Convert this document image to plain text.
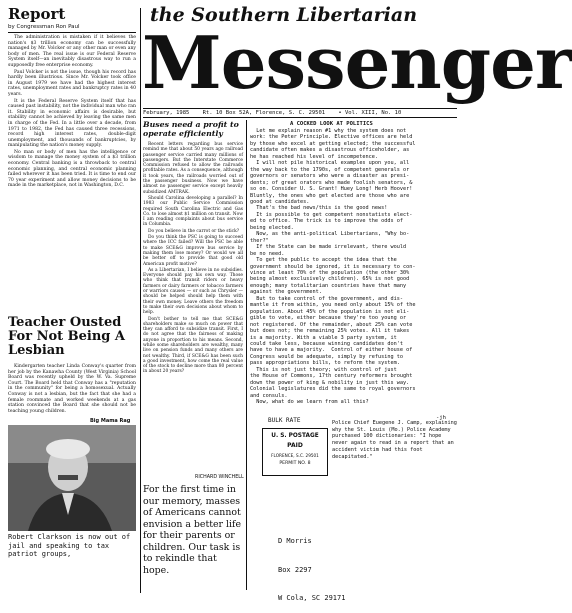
Report
by Congressman Ron Paul

The administration is mistaken if it believes the nation's $3 trillion economy can be successfully managed by Mr. Volcker or any other man or even any body of men. The real issue is our Federal Reserve System itself—an inevitably disastrous way to run a supposedly free enterprise economy.

Paul Volcker is not the issue, though his record has hardly been illustrious. Since Mr. Volcker took office in August 1979 we have had the highest interest rates, unemployment rates and bankruptcy rates in 40 years.

It is the Federal Reserve System itself that has caused past instability, not the individual man who ran it. Stability in economic affairs is desirable, but stability cannot be achieved by leaving the same men in charge of the Fed. In a little over a decade, from 1971 to 1982, the Fed has caused three recessions, record high interest rates, double-digit unemployment, and thousands of bankruptcies, by manipulating the nation's money supply.

No man or body of men has the intelligence or wisdom to manage the money system of a $3 trillion economy. Central banking is a throwback to central economic planning, and central economic planning failed wherever it has been tried. It is time to end our 70 year experiment and allow money decisions to be made in the marketplace, not in Washington, D.C.

Teacher Ousted For Not Being A Lesbian

Kindergarten teacher Linda Conway's quarter from her job by the Kanawha County (West Virginia) School Board was recently upheld by the W. Va. Supreme Court. The Board held that Conway has a "reputation in the community" for being a homosexual. Actually Conway is not a lesbian, but the fact that she had a female roommate and worked weekends at a gas station convinced the Board that she should not be teaching young children.

Big Mama Rag
Robert Clarkson is now out of jail and speaking to tax patriot groups,
the Southern Libertarian
Messenger
February, 1985    Rt. 10 Box 52A, Florence, S. C. 29501    • Vol. XIII, No. 10
Buses need a profit to operate efficiently

Recent letters regarding bus service remind me that about 50 years ago railroad passenger service carried many millions of passengers. But the Interstate Commerce Commission refused to allow the railroads profitable rates. As a consequence, although it took years, the railroads worried out of the passenger business. Now we have almost no passenger service except heavily subsidized AMTRAK.

Should Carolina developing a parallel? In 1983 our Public Service Commission required South Carolina Electric and Gas Co. to lose almost $1 million on transit. Now I am reading complaints about bus service in Columbia.

Do you believe in the carrot or the stick?

Do you think the PSC is going to succeed where the ICC failed? Will the PSC be able to make SCE&G improve bus service by making them lose money? Or would we all be better off to provide that good old American profit motive?

As a Libertarian, I believe in no subsidies. Everyone should pay his own way. Those who think that transit riders or heavy farmers or dairy farmers or tobacco farmers or warriors causes — or such as Chrysler — should be helped should help them with their own money. Leave others the freedom to make their own decisions about whom to help.

Don't bother to tell me that SCE&G shareholders make so much on power that they can afford to subsidize transit. First, I do not agree that the fairness of making anyone in proportion to his means. Second, while some shareholders are wealthy, many live on pension funds and many others are not wealthy. Third, if SCE&G has been such a good investment, how come the real value of the stock to decline more than 80 percent in about 20 years?

RICHARD WINCHELL
For the first time in our memory, masses of Americans cannot envision a better life for their parents or children. Our task is to rekindle that hope.
A COCKED LOOK AT POLITICS
Let me explain reason #1 why the system does not
work: the Peter Principle. Elective offices are held
by those who excel at getting elected; the successful
candidate often makes a disastrous officeholder, as
he has reached his level of incompetence.
I will not pile historical examples upon you, all
the way back to the 1790s, of competent generals or
governors or senators who were a disaster as presi-
dents; of great orators who made foolish senators, &
so on. Consider U. S. Grant! Huey Long! Herb Hoover!
Bluntly, the ones who get elected are those who are
good at candidates.
That's the bad news/this is the good news!
It is possible to get competent nonstatists elect-
ed to office. The trick is to improve the odds of
being elected.
Now, as the anti-political Libertarians, "Why bo-
ther?"
If the State can be made irrelevant, there would
be no need.
To get the public to accept the idea that the
government should be ignored, it is necessary to con-
vince at least 70% of the population (the other 30%
being almost exclusively children). 65% is not good
enough; many totalitarian countries have that many
against the government.
But to take control of the government, and dis-
mantle it from within, you need only about 15% of the
population. About 45% of the population is not eli-
gible to vote, either because they're too young or
not registered. Of the remainder, about 25% can vote
but does not; the remaining 25% votes. All it takes
is a majority. With a viable 3 party system, it
could take less, because winning candidates don't
have to have a majority.  Control of either house of
Congress would be adequate, simply by refusing to
pass appropriations bills, to reform the system.
This is not just theory; with control of just
the House of Commons, 17th century reformers brought
down the power of king & nobility in just this way.
Colonial legislatures did the same to royal governors
and consuls.
Now, what do we learn from all this?
-jh
BULK RATE
U. S. POSTAGE
PAID
FLORENCE, S.C. 29501
PERMIT NO. 8
Police Chief Euegene J. Camp, explaining why the St. Louis (Mo.) Police Academy purchased 100 dictionaries: "I hope never again to read in a report that an accident victim had this foot decapitated."

D Morris

Box 2297

W Cola, SC 29171
